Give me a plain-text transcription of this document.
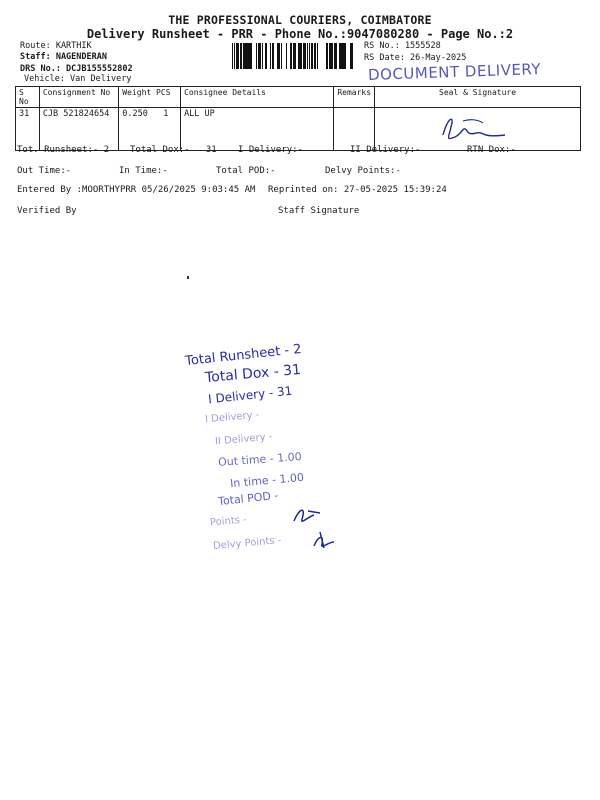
THE PROFESSIONAL COURIERS, COIMBATORE
Delivery Runsheet - PRR - Phone No.:9047080280 - Page No.:2
Route: KARTHIK
Staff: NAGENDERAN
DRS No.: DCJB155552802
Vehicle: Van Delivery
RS No.: 1555528
RS Date: 26-May-2025
DOCUMENT DELIVERY
S No	Consignment No	Weight PCS	Consignee Details	Remarks	Seal & Signature
31	CJB 521824654	0.250   1	ALL UP		
Tot. Runsheet:- 2 Total Dox:-   31 I Delivery:-	II Delivery:-	RTN Dox:-
Out Time:-	In Time:-	Total POD:-	Delvy Points:-
Entered By :MOORTHYPRR 05/26/2025 9:03:45 AM Reprinted on: 27-05-2025 15:39:24
Verified By	Staff Signature
Total Runsheet - 2
Total Dox - 31
I Delivery - 31
I Delivery -
II Delivery -
Out time - 1.00
In time - 1.00
Total POD -
Points -
Delvy Points -
